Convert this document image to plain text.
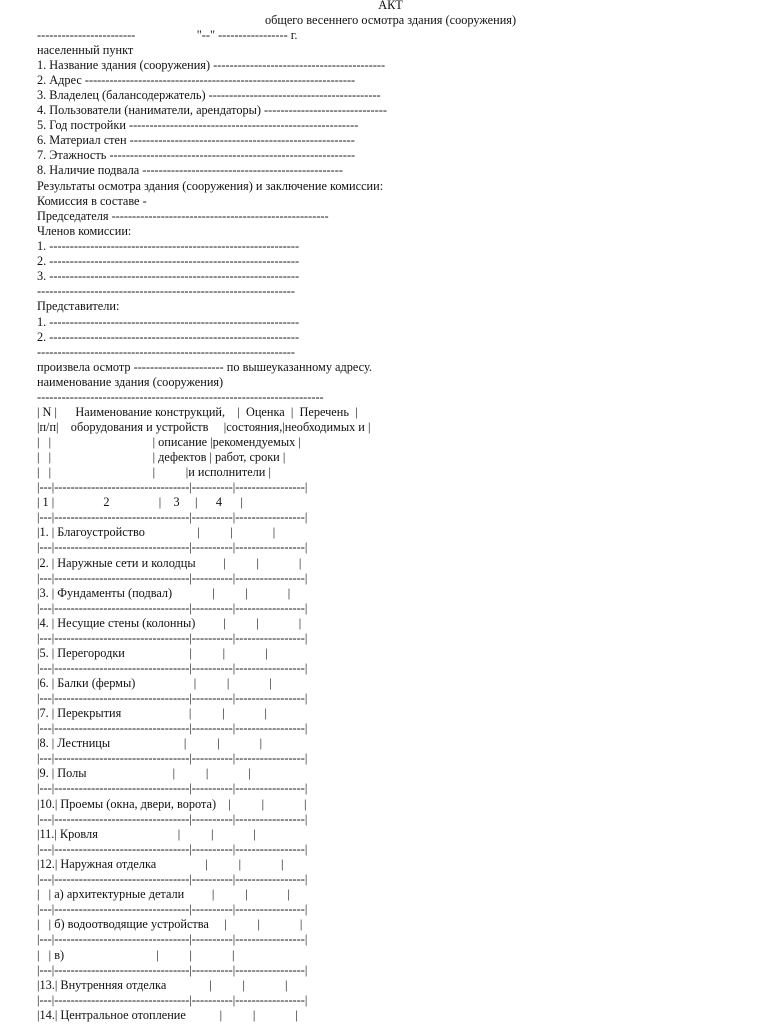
АКТ
общего весеннего осмотра здания (сооружения)
------------------------                    "--" ----------------- г.
населенный пункт
1. Название здания (сооружения) ------------------------------------------
2. Адрес ------------------------------------------------------------------
3. Владелец (балансодержатель) ------------------------------------------
4. Пользователи (наниматели, арендаторы) ------------------------------
5. Год постройки --------------------------------------------------------
6. Материал стен -------------------------------------------------------
7. Этажность ------------------------------------------------------------
8. Наличие подвала -------------------------------------------------
Результаты осмотра здания (сооружения) и заключение комиссии:
Комиссия в составе -
Председателя -----------------------------------------------------
Членов комиссии:
1. -------------------------------------------------------------
2. -------------------------------------------------------------
3. -------------------------------------------------------------
---------------------------------------------------------------
Представители:
1. -------------------------------------------------------------
2. -------------------------------------------------------------
---------------------------------------------------------------
произвела осмотр ---------------------- по вышеуказанному адресу.
наименование здания (сооружения)
----------------------------------------------------------------------
| N |      Наименование конструкций,    |  Оценка  |  Перечень  |
|п/п|    оборудования и устройств     |состояния,|необходимых и |
|   |                                 | описание |рекомендуемых |
|   |                                 | дефектов | работ, сроки |
|   |                                 |          |и исполнители |
|---|---------------------------------|----------|-----------------|
| 1 |                2                |    3     |      4      |
|---|---------------------------------|----------|-----------------|
|1. | Благоустройство                 |          |             |
|---|---------------------------------|----------|-----------------|
|2. | Наружные сети и колодцы         |          |             |
|---|---------------------------------|----------|-----------------|
|3. | Фундаменты (подвал)             |          |             |
|---|---------------------------------|----------|-----------------|
|4. | Несущие стены (колонны)         |          |             |
|---|---------------------------------|----------|-----------------|
|5. | Перегородки                     |          |             |
|---|---------------------------------|----------|-----------------|
|6. | Балки (фермы)                   |          |             |
|---|---------------------------------|----------|-----------------|
|7. | Перекрытия                      |          |             |
|---|---------------------------------|----------|-----------------|
|8. | Лестницы                        |          |             |
|---|---------------------------------|----------|-----------------|
|9. | Полы                            |          |             |
|---|---------------------------------|----------|-----------------|
|10.| Проемы (окна, двери, ворота)    |          |             |
|---|---------------------------------|----------|-----------------|
|11.| Кровля                          |          |             |
|---|---------------------------------|----------|-----------------|
|12.| Наружная отделка                |          |             |
|---|---------------------------------|----------|-----------------|
|   | а) архитектурные детали         |          |             |
|---|---------------------------------|----------|-----------------|
|   | б) водоотводящие устройства     |          |             |
|---|---------------------------------|----------|-----------------|
|   | в)                              |          |             |
|---|---------------------------------|----------|-----------------|
|13.| Внутренняя отделка              |          |             |
|---|---------------------------------|----------|-----------------|
|14.| Центральное отопление           |          |             |
